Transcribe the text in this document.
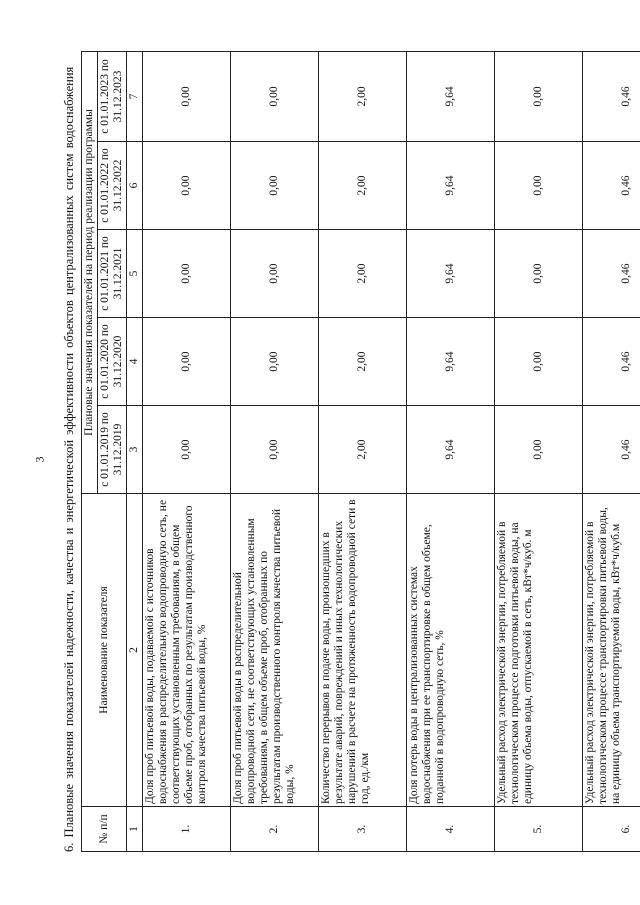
3 6. Плановые значения показателей надежности, качества и энергетической эффективности объектов централизованных систем водоснабжения № п/п	Наименование показателя	Плановые значения показателей на период реализации программы				
		с 01.01.2019 по 31.12.2019	с 01.01.2020 по 31.12.2020	с 01.01.2021 по 31.12.2021	с 01.01.2022 по 31.12.2022	с 01.01.2023 по 31.12.2023
1	2	3	4	5	6	7
1.	Доля проб питьевой воды, подаваемой с источников водоснабжения в распределительную водопроводную сеть, не соответствующих установленным требованиям, в общем объеме проб, отобранных по результатам производственного контроля качества питьевой воды, %	0,00	0,00	0,00	0,00	0,00
2.	Доля проб питьевой воды в распределительной водопроводной сети, не соответствующих установленным требованиям, в общем объеме проб, отобранных по результатам производственного контроля качества питьевой воды, %	0,00	0,00	0,00	0,00	0,00
3.	Количество перерывов в подаче воды, произошедших в результате аварий, повреждений и иных технологических нарушений в расчете на протяженность водопроводной сети в год, ед./км	2,00	2,00	2,00	2,00	2,00
4.	Доля потерь воды в централизованных системах водоснабжения при ее транспортировке в общем объеме, поданной в водопроводную сеть, %	9,64	9,64	9,64	9,64	9,64
5.	Удельный расход электрической энергии, потребляемой в технологическом процессе подготовки питьевой воды, на единицу объема воды, отпускаемой в сеть, кВт*ч/куб. м	0,00	0,00	0,00	0,00	0,00
6.	Удельный расход электрической энергии, потребляемой в технологическом процессе транспортировки питьевой воды, на единицу объема транспортируемой воды, кВт*ч/куб.м	0,46	0,46	0,46	0,46	0,46
